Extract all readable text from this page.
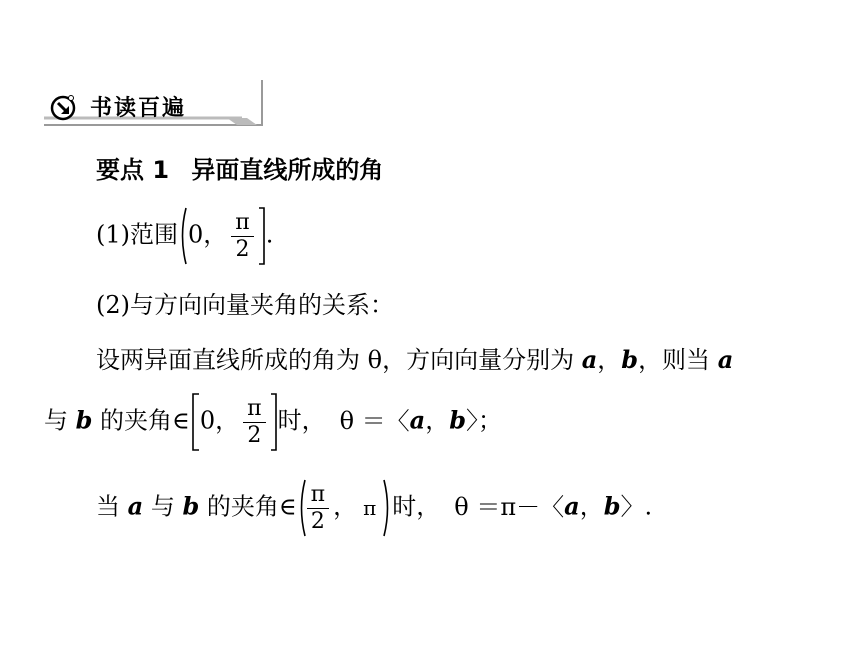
书读百遍
要点 1 异面直线所成的角
(1)范围 0， $\frac{\pi}{2}$ .
(2)与方向向量夹角的关系：
设两异面直线所成的角为 θ，方向向量分别为 a，b，则当 a
与 b 的夹角∈ 0， $\frac{\pi}{2}$ 时， θ ＝〈a，b〉；
当 a 与 b 的夹角∈ $\frac{\pi}{2}$ ， π 时， θ ＝π－〈a，b〉.
